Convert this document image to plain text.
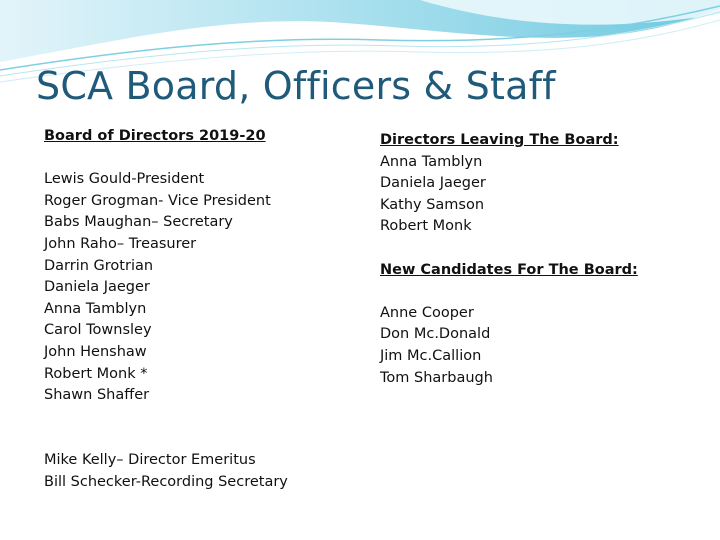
SCA Board, Officers & Staff
Board of Directors 2019-20
Lewis Gould-President
Roger Grogman- Vice President
Babs Maughan– Secretary
John Raho– Treasurer
Darrin Grotrian
Daniela Jaeger
Anna Tamblyn
Carol Townsley
John Henshaw
Robert Monk *
Shawn Shaffer
Mike Kelly– Director Emeritus
Bill Schecker-Recording Secretary
Directors Leaving The Board:
Anna Tamblyn
Daniela Jaeger
Kathy Samson
Robert Monk
New Candidates For The Board:
Anne Cooper
Don Mc.Donald
Jim Mc.Callion
Tom Sharbaugh
